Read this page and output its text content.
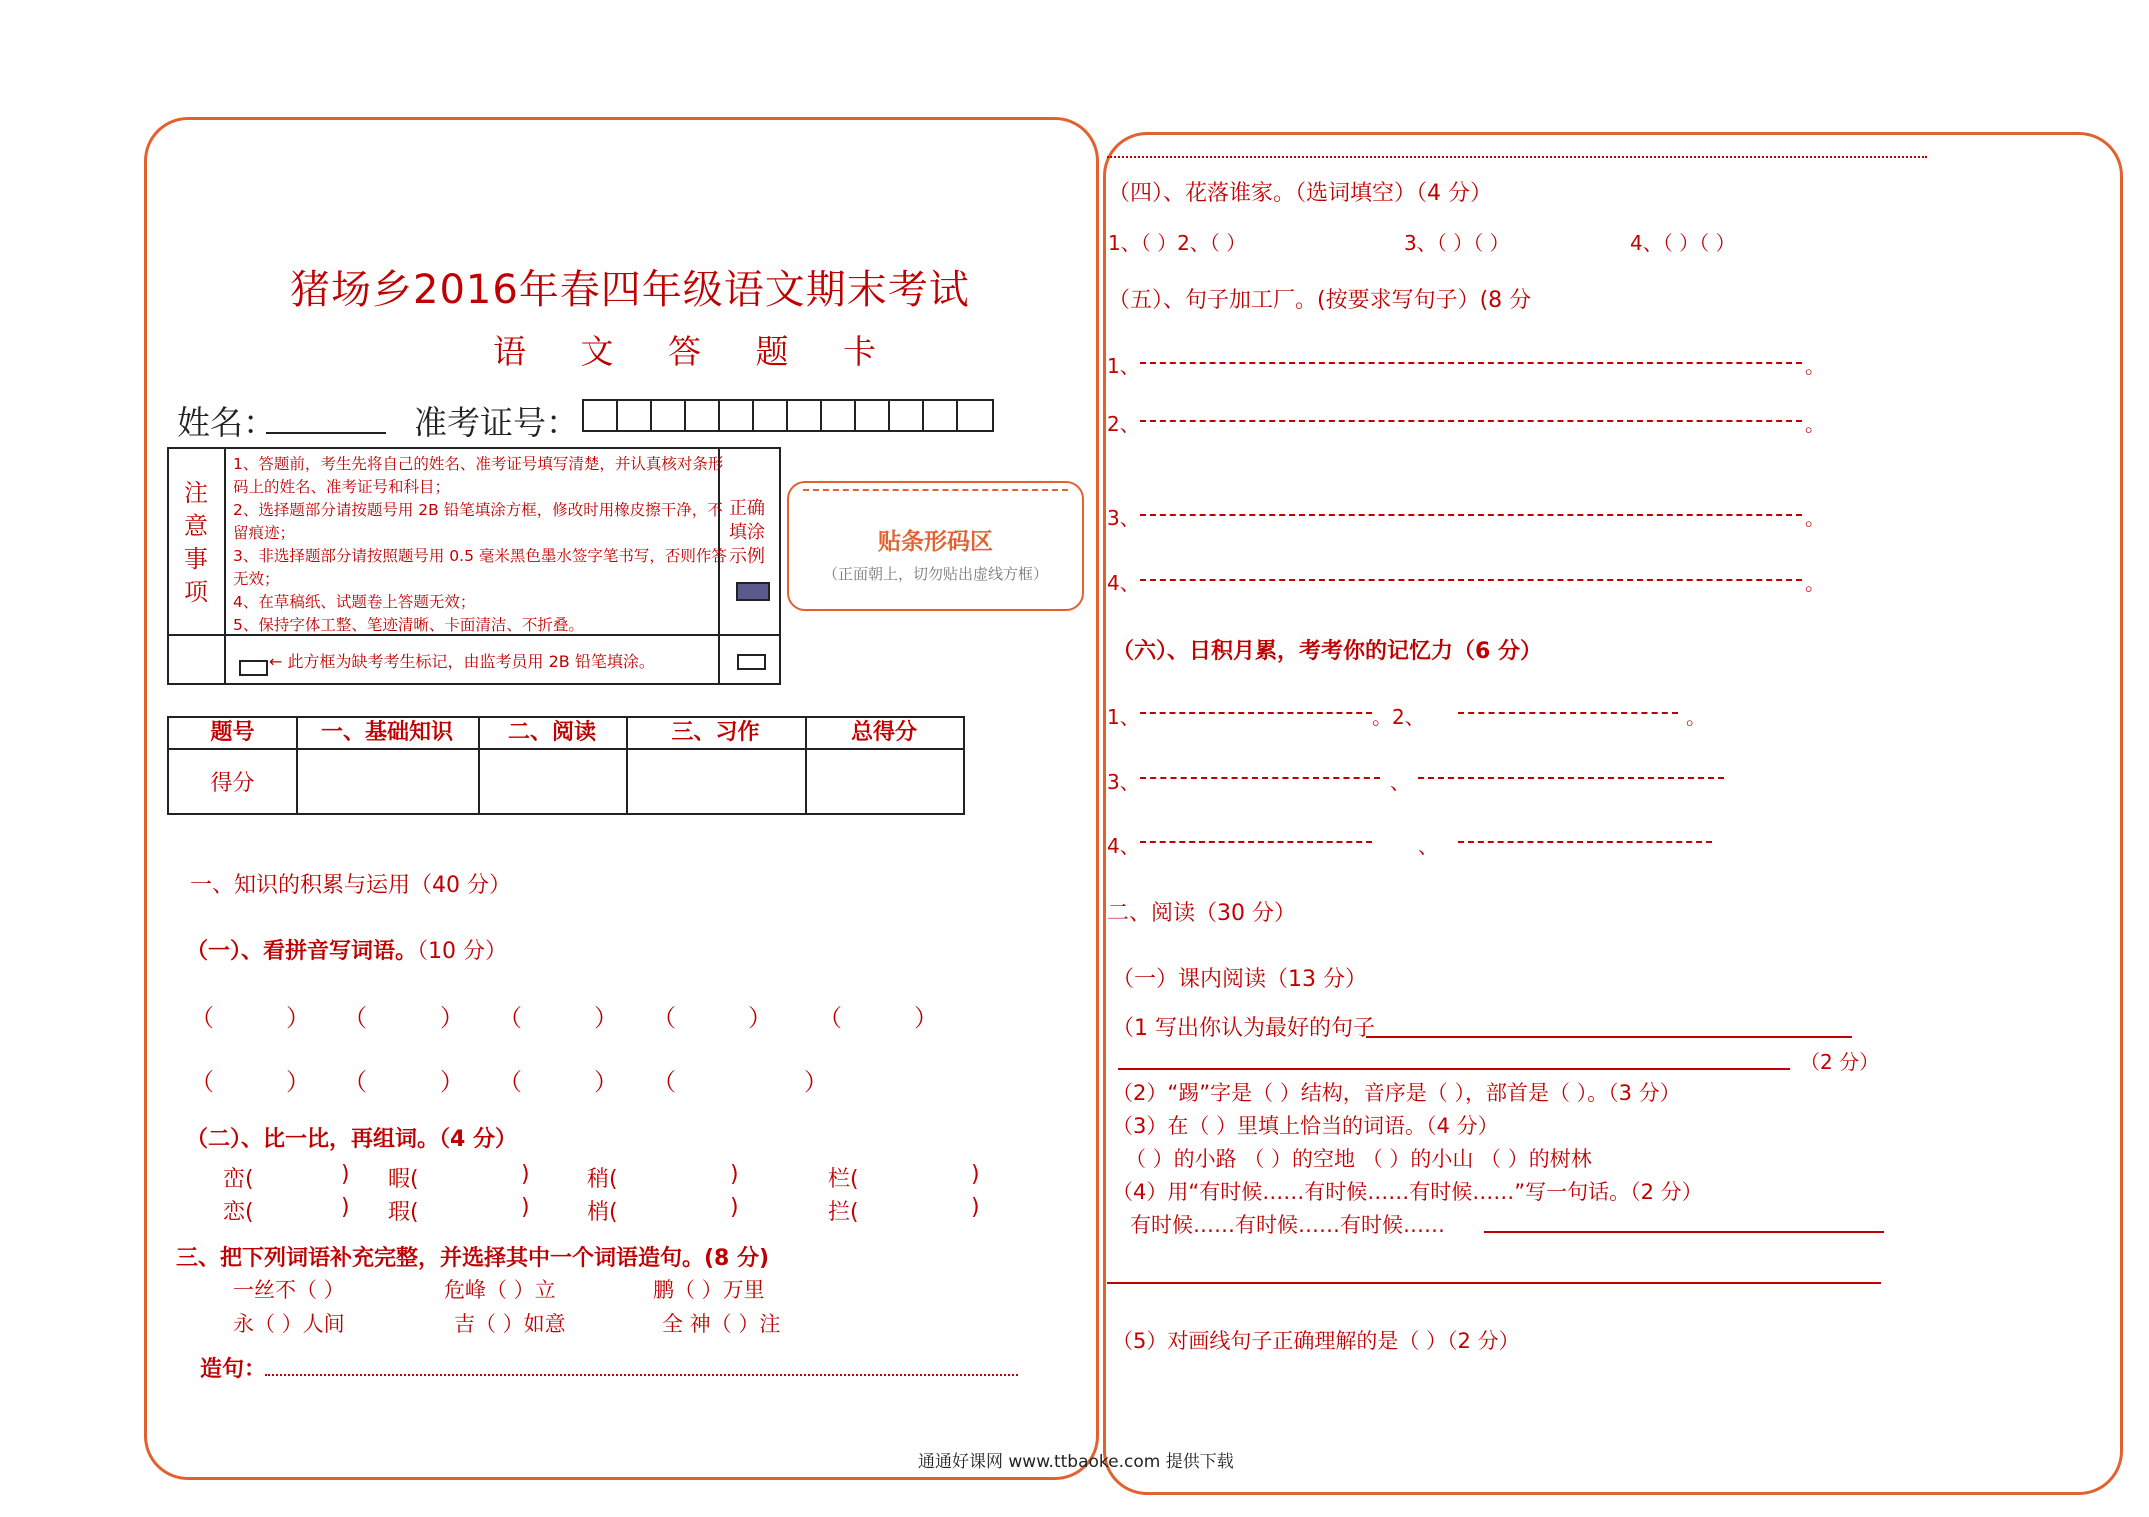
猪场乡2016年春四年级语文期末考试
语 文 答 题 卡
姓名：	准考证号：
注意事项
1、答题前，考生先将自己的姓名、准考证号填写清楚，并认真核对条形码上的姓名、准考证号和科目；
2、选择题部分请按题号用 2B 铅笔填涂方框，修改时用橡皮擦干净，不留痕迹；
3、非选择题部分请按照题号用 0.5 毫米黑色墨水签字笔书写，否则作答无效；
4、在草稿纸、试题卷上答题无效；
5、保持字体工整、笔迹清晰、卡面清洁、不折叠。
正确填涂示例
← 此方框为缺考考生标记，由监考员用 2B 铅笔填涂。
贴条形码区
（正面朝上，切勿贴出虚线方框）
题号	一、基础知识	二、阅读	三、习作	总得分
得分
一、知识的积累与运用（40 分）
（一）、看拼音写词语。（10 分）
（	） （	） （	） （	） （	）
（	） （	） （	） （	）
（二）、比一比，再组词。（4 分）
峦(	) 暇(	)	稍(	)	栏(	)
恋(	) 瑕(	)	梢(	)	拦(	)
三、把下列词语补充完整，并选择其中一个词语造句。(8 分)
一丝不（ ）	危峰（ ）立	鹏（ ）万里
永（ ）人间	吉（ ）如意	全 神（ ）注
造句：
（四）、花落谁家。（选词填空）（4 分）
1、（ ）2、（ ）	3、（ ）（ ）	4、（ ）（ ）
（五）、句子加工厂。(按要求写句子）(8 分
1、	。
2、	。
3、	。
4、	。
（六）、日积月累，考考你的记忆力（6 分）
1、	。2、	。
3、	、
4、	、
二、阅读（30 分）
（一）课内阅读（13 分）
（1 写出你认为最好的句子
（2 分）
（2）“踢”字是（ ）结构，音序是（ ），部首是（ ）。（3 分）
（3）在（ ）里填上恰当的词语。（4 分）
（ ）的小路 （ ）的空地 （ ）的小山 （ ）的树林
（4）用“有时候……有时候……有时候……”写一句话。（2 分）
有时候……有时候……有时候……
（5）对画线句子正确理解的是（ ）（2 分）
通通好课网 www.ttbaoke.com 提供下载
